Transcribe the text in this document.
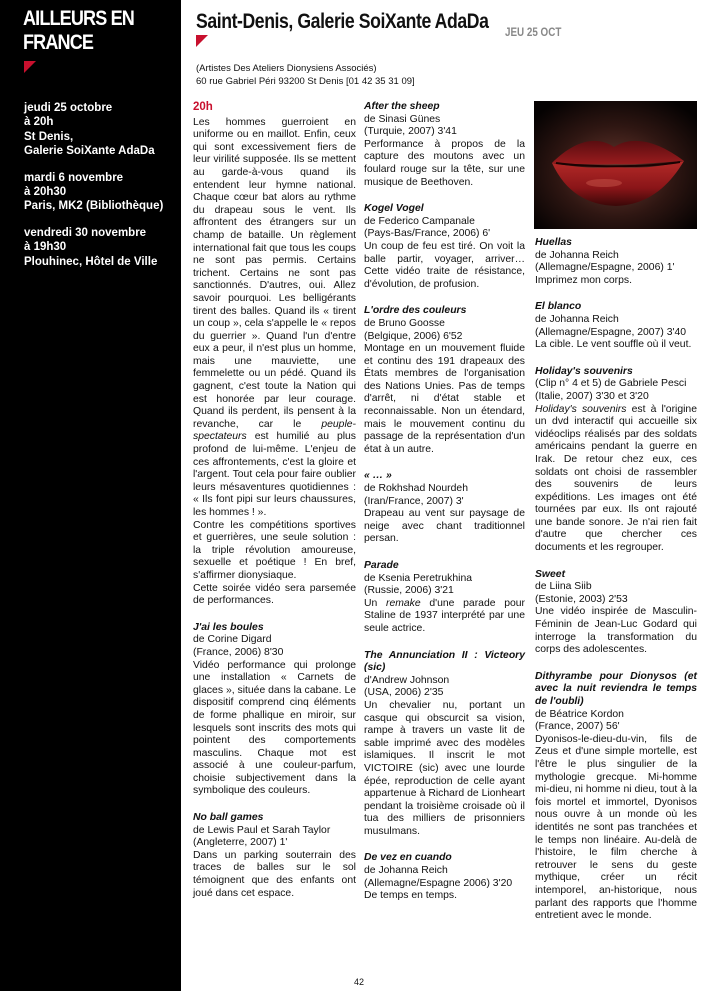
AILLEURS EN FRANCE
jeudi 25 octobre
à 20h
St Denis,
Galerie SoiXante AdaDa
mardi 6 novembre
à 20h30
Paris, MK2 (Bibliothèque)
vendredi 30 novembre
à 19h30
Plouhinec, Hôtel de Ville
Saint-Denis, Galerie SoiXante AdaDa JEU 25 OCT
(Artistes Des Ateliers Dionysiens Associés)
60 rue Gabriel Péri 93200 St Denis [01 42 35 31 09]
20h

Les hommes guerroient en uniforme ou en maillot. Enfin, ceux qui sont excessivement fiers de leur virilité supposée. Ils se mettent au garde-à-vous quand ils entendent leur hymne national. Chaque cœur bat alors au rythme du drapeau sous le vent. Ils affrontent des étrangers sur un champ de bataille. Un règlement international fait que tous les coups ne sont pas permis. Certains trichent. Certains ne sont pas sanctionnés. D'autres, oui. Allez savoir pourquoi. Les belligérants tirent des balles. Quand ils « tirent un coup », cela s'appelle le « repos du guerrier ». Quand l'un d'entre eux a peur, il n'est plus un homme, mais une mauviette, une femmelette ou un pédé. Quand ils gagnent, c'est toute la Nation qui est honorée par leur courage. Quand ils perdent, ils pensent à la revanche, car le peuple-spectateurs est humilié au plus profond de lui-même. L'enjeu de ces affrontements, c'est la gloire et l'argent. Tout cela pour faire oublier leurs mésaventures quotidiennes : « Ils font pipi sur leurs chaussures, les hommes ! ».

Contre les compétitions sportives et guerrières, une seule solution : la triple révolution amoureuse, sexuelle et poétique ! En bref, s'affirmer dionysiaque.

Cette soirée vidéo sera parsemée de performances.

J'ai les boules
de Corine Digard
(France, 2006) 8'30
Vidéo performance qui prolonge une installation « Carnets de glaces », située dans la cabane. Le dispositif comprend cinq éléments de forme phallique en miroir, sur lesquels sont inscrits des mots qui pointent des comportements masculins. Chaque mot est associé à une couleur-parfum, choisie subjectivement dans la symbolique des couleurs.
No ball games
de Lewis Paul et Sarah Taylor
(Angleterre, 2007) 1'
Dans un parking souterrain des traces de balles sur le sol témoignent que des enfants ont joué dans cet espace.
After the sheep
de Sinasi Günes
(Turquie, 2007) 3'41
Performance à propos de la capture des moutons avec un foulard rouge sur la tête, sur une musique de Beethoven.
Kogel Vogel
de Federico Campanale
(Pays-Bas/France, 2006) 6'
Un coup de feu est tiré. On voit la balle partir, voyager, arriver… Cette vidéo traite de résistance, d'évolution, de profusion.
L'ordre des couleurs
de Bruno Goosse
(Belgique, 2006) 6'52
Montage en un mouvement fluide et continu des 191 drapeaux des États membres de l'organisation des Nations Unies. Pas de temps d'arrêt, ni d'état stable et reconnaissable. Non un étendard, mais le mouvement continu du passage de la représentation d'un état à un autre.
« … »
de Rokhshad Nourdeh
(Iran/France, 2007) 3'
Drapeau au vent sur paysage de neige avec chant traditionnel persan.
Parade
de Ksenia Peretrukhina
(Russie, 2006) 3'21
Un remake d'une parade pour Staline de 1937 interprété par une seule actrice.
The Annunciation II : Victeory (sic)
d'Andrew Johnson
(USA, 2006) 2'35
Un chevalier nu, portant un casque qui obscurcit sa vision, rampe à travers un vaste lit de sable imprimé avec des modèles islamiques. Il inscrit le mot VICTOIRE (sic) avec une lourde épée, reproduction de celle ayant appartenue à Richard de Lionheart pendant la troisième croisade où il tua des milliers de prisonniers musulmans.
De vez en cuando
de Johanna Reich
(Allemagne/Espagne 2006) 3'20
De temps en temps.
Huellas
de Johanna Reich
(Allemagne/Espagne, 2006) 1'
Imprimez mon corps.
El blanco
de Johanna Reich
(Allemagne/Espagne, 2007) 3'40
La cible. Le vent souffle où il veut.
Holiday's souvenirs
(Clip n° 4 et 5) de Gabriele Pesci
(Italie, 2007) 3'30 et 3'20
Holiday's souvenirs est à l'origine un dvd interactif qui accueille six vidéoclips réalisés par des soldats américains pendant la guerre en Irak. De retour chez eux, ces soldats ont choisi de rassembler des souvenirs de leurs expéditions. Les images ont été tournées par eux. Ils ont rajouté une bande sonore. Je n'ai rien fait d'autre que chercher ces documents et les regrouper.
Sweet
de Liina Siib
(Estonie, 2003) 2'53
Une vidéo inspirée de Masculin-Féminin de Jean-Luc Godard qui interroge la transformation du corps des adolescentes.
Dithyrambe pour Dionysos (et avec la nuit reviendra le temps de l'oubli)
de Béatrice Kordon
(France, 2007) 56'
Dyonisos-le-dieu-du-vin, fils de Zeus et d'une simple mortelle, est l'être le plus singulier de la mythologie grecque. Mi-homme mi-dieu, ni homme ni dieu, tout à la fois mortel et immortel, Dyonisos nous ouvre à un monde où les identités ne sont pas tranchées et le temps non linéaire. Au-delà de l'histoire, le film cherche à retrouver le sens du geste mythique, créer un récit intemporel, an-historique, nous parlant des rapports que l'homme entretient avec le monde.
42
